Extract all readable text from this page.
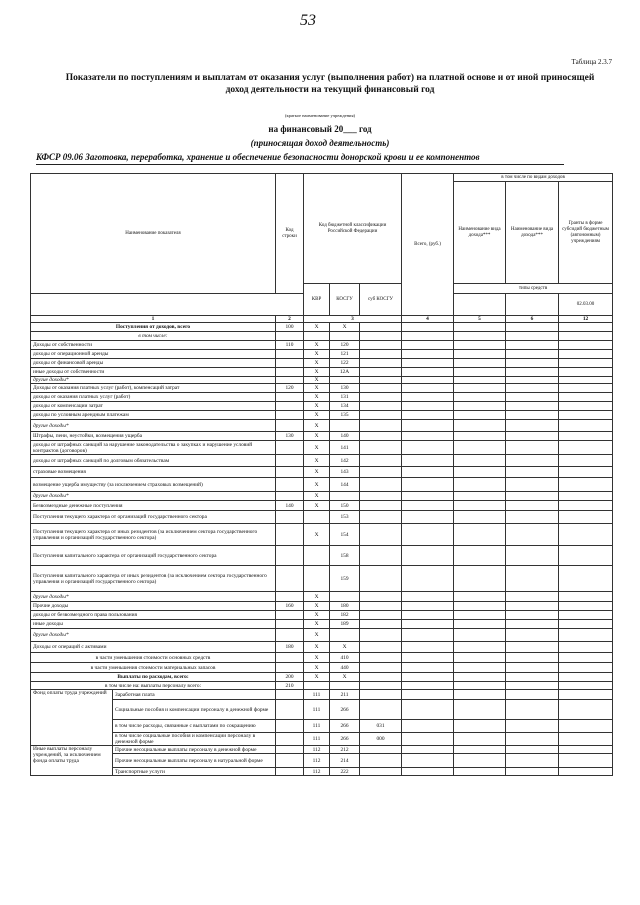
53
Таблица 2.3.7
Показатели по поступлениям и выплатам от оказания услуг (выполнения работ) на платной основе и от иной приносящей доход деятельности на текущий финансовый год
(краткое наименование учреждения)
на финансовый 20___ год
(приносящая доход деятельность)
КФСР 09.06 Заготовка, переработка, хранение и обеспечение безопасности донорской крови и ее компонентов
Наименование показателя		Код строки	Код бюджетной классификации Российской Федерации			Всего, (руб.)	в том числе по видам доходов		
							Наименование вида дохода***	Наименование вида дохода***	Гранты в форме субсидий бюджетным (автономным) учреждениям
			КВР	КОСГУ	суб КОСГУ		типы средств		
									02.03.00
1		2	3			4	5	6	12
Поступления от доходов, всего		100	X	X					
в том числе:									
Доходы от собственности		110	X	120					
доходы от операционной аренды			X	121					
доходы от финансовой аренды			X	122					
иные доходы от собственности			X	12А					
другие доходы*			X						
Доходы от оказания платных услуг (работ), компенсаций затрат		120	X	130					
доходы от оказания платных услуг (работ)			X	131					
доходы от компенсации затрат			X	134					
доходы по условным арендным платежам			X	135					
другие доходы*			X						
Штрафы, пени, неустойки, возмещения ущерба		130	X	140					
доходы от штрафных санкций за нарушение законодательства о закупках и нарушение условий контрактов (договоров)			X	141					
доходы от штрафных санкций по долговым обязательствам			X	142					
страховые возмещения			X	143					
возмещение ущерба имуществу (за исключением страховых возмещений)			X	144					
другие доходы*			X						
Безвозмездные денежные поступления		140	X	150					
Поступления текущего характера от организаций государственного сектора				153					
Поступления текущего характера от иных резидентов (за исключением сектора государственного управления и организаций государственного сектора)			X	154					
Поступления капитального характера от организаций государственного сектора				158					
Поступления капитального характера от иных резидентов (за исключением сектора государственного управления и организаций государственного сектора)				159					
другие доходы*			X						
Прочие доходы		160	X	180					
доходы от безвозмездного права пользования			X	182					
иные доходы			X	189					
другие доходы*			X						
Доходы от операций с активами		180	X	X					
в части уменьшения стоимости основных средств			X	410					
в части уменьшения стоимости материальных запасов			X	440					
Выплаты по расходам, всего:		200	X	X					
в том числе на: выплаты персоналу всего:		210							
Фонд оплаты труда учреждений	Заработная плата		111	211					
	Социальные пособия и компенсации персоналу в денежной форме		111	266					
	в том числе расходы, связанные с выплатами по сокращению		111	266	031				
	в том числе социальные пособия и компенсации персоналу в денежной форме		111	266	000				
Иные выплаты персоналу учреждений, за исключением фонда оплаты труда	Прочие несоциальные выплаты персоналу в денежной форме		112	212					
	Прочие несоциальные выплаты персоналу в натуральной форме		112	214					
	Транспортные услуги		112	222					
